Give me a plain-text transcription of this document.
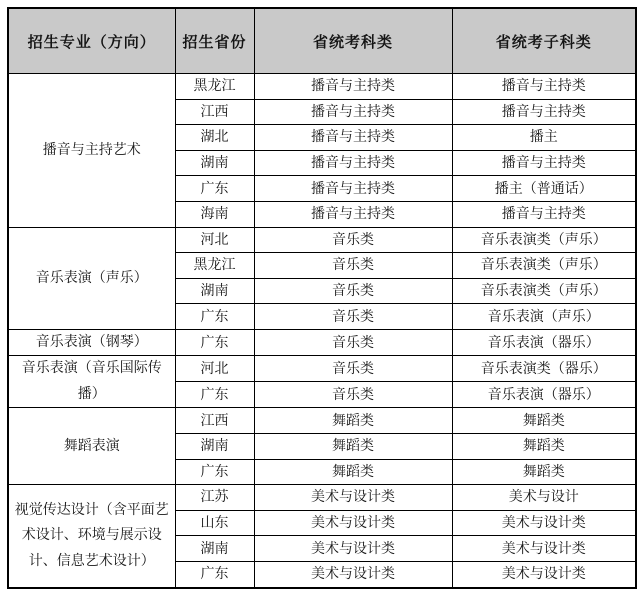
招生专业（方向）	招生省份	省统考科类	省统考子科类
播音与主持艺术	黑龙江	播音与主持类	播音与主持类
	江西	播音与主持类	播音与主持类
	湖北	播音与主持类	播主
	湖南	播音与主持类	播音与主持类
	广东	播音与主持类	播主（普通话）
	海南	播音与主持类	播音与主持类
音乐表演（声乐）	河北	音乐类	音乐表演类（声乐）
	黑龙江	音乐类	音乐表演类（声乐）
	湖南	音乐类	音乐表演类（声乐）
	广东	音乐类	音乐表演（声乐）
音乐表演（钢琴）	广东	音乐类	音乐表演（器乐）
音乐表演（音乐国际传播）	河北	音乐类	音乐表演类（器乐）
	广东	音乐类	音乐表演（器乐）
舞蹈表演	江西	舞蹈类	舞蹈类
	湖南	舞蹈类	舞蹈类
	广东	舞蹈类	舞蹈类
视觉传达设计（含平面艺术设计、环境与展示设计、信息艺术设计）	江苏	美术与设计类	美术与设计
	山东	美术与设计类	美术与设计类
	湖南	美术与设计类	美术与设计类
	广东	美术与设计类	美术与设计类
